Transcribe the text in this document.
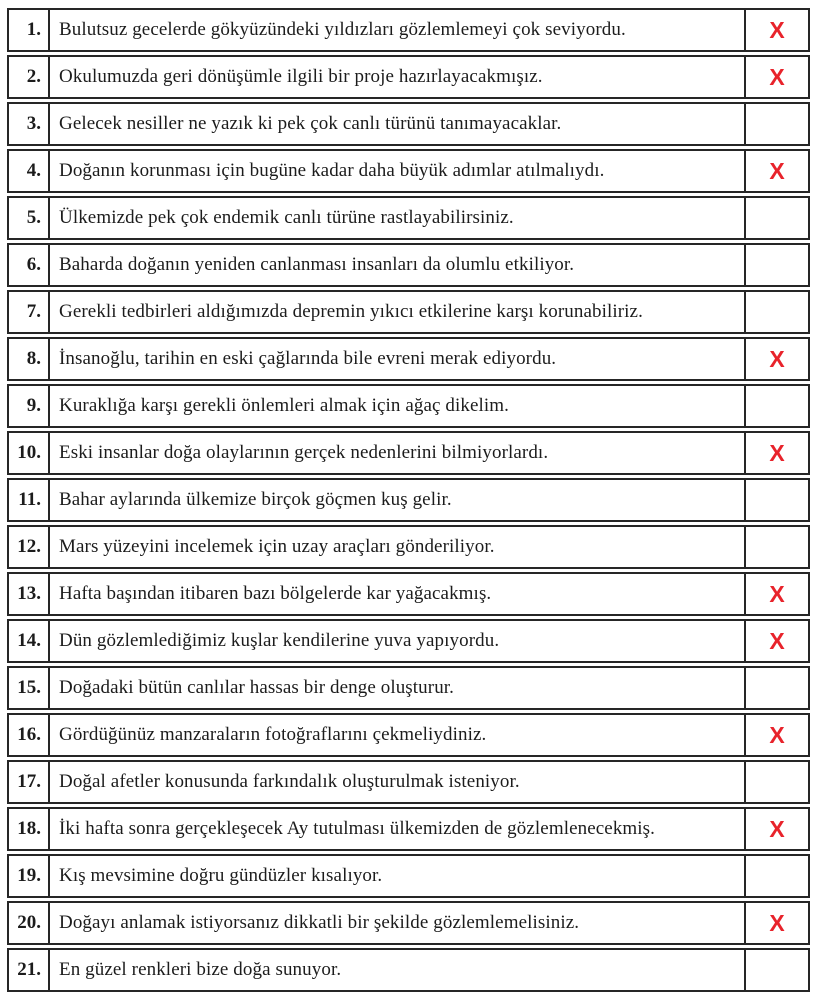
1. Bulutsuz gecelerde gökyüzündeki yıldızları gözlemlemeyi çok seviyordu.	X
2. Okulumuzda geri dönüşümle ilgili bir proje hazırlayacakmışız.	X
3. Gelecek nesiller ne yazık ki pek çok canlı türünü tanımayacaklar.
4. Doğanın korunması için bugüne kadar daha büyük adımlar atılmalıydı.	X
5. Ülkemizde pek çok endemik canlı türüne rastlayabilirsiniz.
6. Baharda doğanın yeniden canlanması insanları da olumlu etkiliyor.
7. Gerekli tedbirleri aldığımızda depremin yıkıcı etkilerine karşı korunabiliriz.
8. İnsanoğlu, tarihin en eski çağlarında bile evreni merak ediyordu.	X
9. Kuraklığa karşı gerekli önlemleri almak için ağaç dikelim.
10. Eski insanlar doğa olaylarının gerçek nedenlerini bilmiyorlardı.	X
11. Bahar aylarında ülkemize birçok göçmen kuş gelir.
12. Mars yüzeyini incelemek için uzay araçları gönderiliyor.
13. Hafta başından itibaren bazı bölgelerde kar yağacakmış.	X
14. Dün gözlemlediğimiz kuşlar kendilerine yuva yapıyordu.	X
15. Doğadaki bütün canlılar hassas bir denge oluşturur.
16. Gördüğünüz manzaraların fotoğraflarını çekmeliydiniz.	X
17. Doğal afetler konusunda farkındalık oluşturulmak isteniyor.
18. İki hafta sonra gerçekleşecek Ay tutulması ülkemizden de gözlemlenecekmiş.	X
19. Kış mevsimine doğru gündüzler kısalıyor.
20. Doğayı anlamak istiyorsanız dikkatli bir şekilde gözlemlemelisiniz.	X
21. En güzel renkleri bize doğa sunuyor.
